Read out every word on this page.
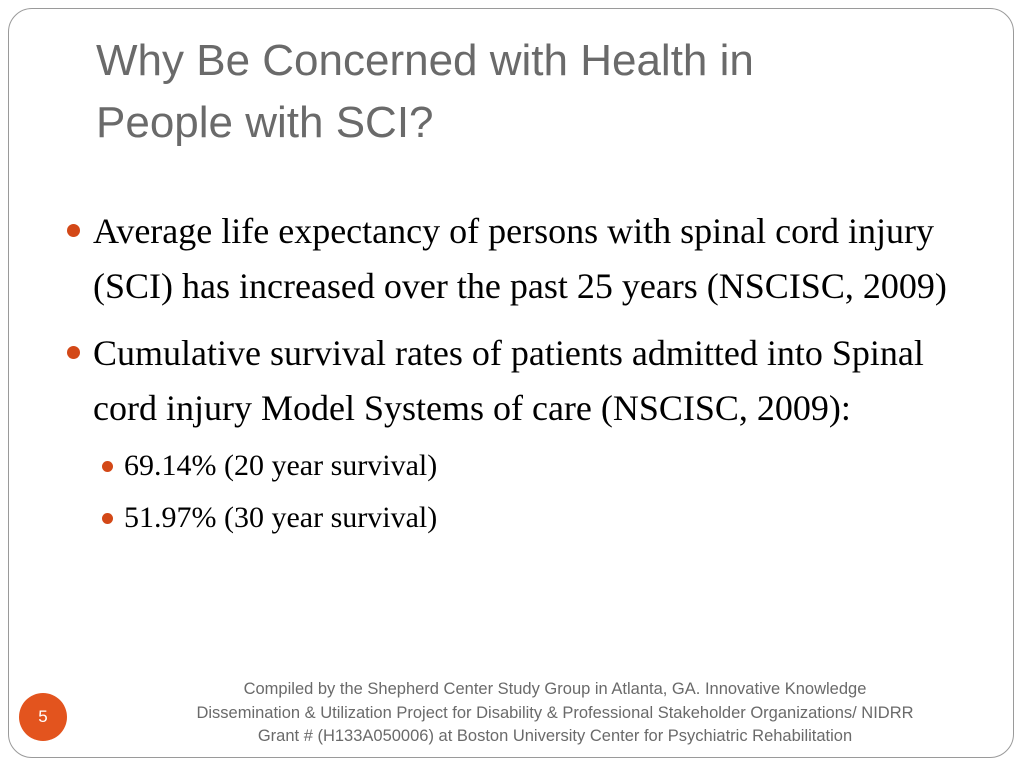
Why Be Concerned with Health in
People with SCI?
Average life expectancy of persons with spinal cord injury (SCI) has increased over the past 25 years (NSCISC, 2009)
Cumulative survival rates of patients admitted into Spinal cord injury Model Systems of care (NSCISC, 2009):
69.14% (20 year survival)
51.97% (30 year survival)
Compiled by the Shepherd Center Study Group in Atlanta, GA. Innovative Knowledge
Dissemination & Utilization Project for Disability & Professional Stakeholder Organizations/ NIDRR
Grant # (H133A050006) at Boston University Center for Psychiatric Rehabilitation
5
